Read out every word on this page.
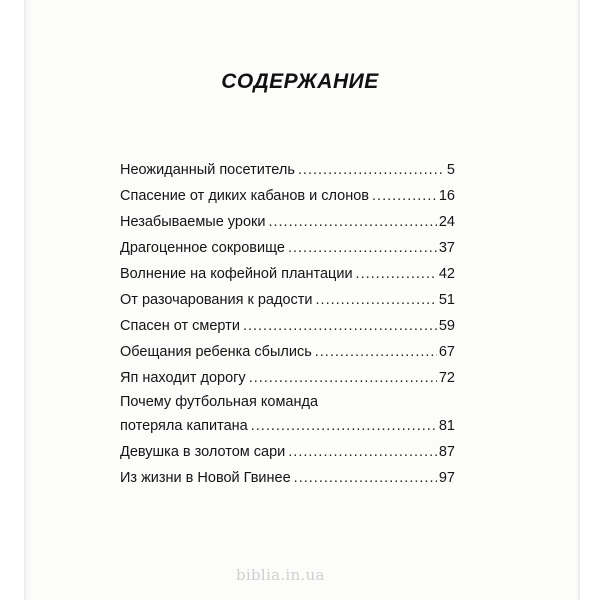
СОДЕРЖАНИЕ
Неожиданный посетитель .....	5
Спасение от диких кабанов и слонов .....	16
Незабываемые уроки .....	24
Драгоценное сокровище .....	37
Волнение на кофейной плантации .....	42
От разочарования к радости .....	51
Спасен от смерти .....	59
Обещания ребенка сбылись .....	67
Яп находит дорогу .....	72
Почему футбольная команда
потеряла капитана .....	81
Девушка в золотом сари .....	87
Из жизни в Новой Гвинее .....	97
biblia.in.ua
